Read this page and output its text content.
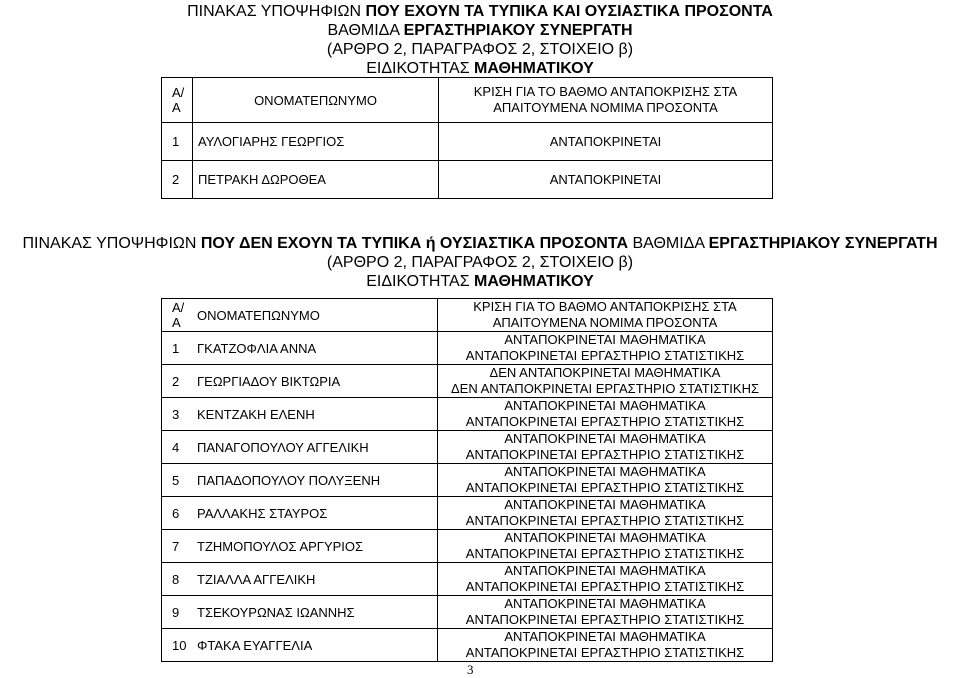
ΠΙΝΑΚΑΣ ΥΠΟΨΗΦΙΩΝ ΠΟΥ ΕΧΟΥΝ ΤΑ ΤΥΠΙΚΑ ΚΑΙ ΟΥΣΙΑΣΤΙΚΑ ΠΡΟΣΟΝΤΑ
ΒΑΘΜΙΔΑ ΕΡΓΑΣΤΗΡΙΑΚΟΥ ΣΥΝΕΡΓΑΤΗ
(ΑΡΘΡΟ 2, ΠΑΡΑΓΡΑΦΟΣ 2, ΣΤΟΙΧΕΙΟ β)
ΕΙΔΙΚΟΤΗΤΑΣ ΜΑΘΗΜΑΤΙΚΟΥ
Α/Α	ΟΝΟΜΑΤΕΠΩΝΥΜΟ	ΚΡΙΣΗ ΓΙΑ ΤΟ ΒΑΘΜΟ ΑΝΤΑΠΟΚΡΙΣΗΣ ΣΤΑ
ΑΠΑΙΤΟΥΜΕΝΑ ΝΟΜΙΜΑ ΠΡΟΣΟΝΤΑ
1	ΑΥΛΟΓΙΑΡΗΣ ΓΕΩΡΓΙΟΣ	ΑΝΤΑΠΟΚΡΙΝΕΤΑΙ
2	ΠΕΤΡΑΚΗ ΔΩΡΟΘΕΑ	ΑΝΤΑΠΟΚΡΙΝΕΤΑΙ
ΠΙΝΑΚΑΣ ΥΠΟΨΗΦΙΩΝ ΠΟΥ ΔΕΝ ΕΧΟΥΝ ΤΑ ΤΥΠΙΚΑ ή ΟΥΣΙΑΣΤΙΚΑ ΠΡΟΣΟΝΤΑ ΒΑΘΜΙΔΑ ΕΡΓΑΣΤΗΡΙΑΚΟΥ ΣΥΝΕΡΓΑΤΗ
(ΑΡΘΡΟ 2, ΠΑΡΑΓΡΑΦΟΣ 2, ΣΤΟΙΧΕΙΟ β)
ΕΙΔΙΚΟΤΗΤΑΣ ΜΑΘΗΜΑΤΙΚΟΥ
Α/Α	ΟΝΟΜΑΤΕΠΩΝΥΜΟ	ΚΡΙΣΗ ΓΙΑ ΤΟ ΒΑΘΜΟ ΑΝΤΑΠΟΚΡΙΣΗΣ ΣΤΑ
ΑΠΑΙΤΟΥΜΕΝΑ ΝΟΜΙΜΑ ΠΡΟΣΟΝΤΑ
1	ΓΚΑΤΖΟΦΛΙΑ ΑΝΝΑ	ΑΝΤΑΠΟΚΡΙΝΕΤΑΙ ΜΑΘΗΜΑΤΙΚΑ
ΑΝΤΑΠΟΚΡΙΝΕΤΑΙ ΕΡΓΑΣΤΗΡΙΟ ΣΤΑΤΙΣΤΙΚΗΣ
2	ΓΕΩΡΓΙΑΔΟΥ ΒΙΚΤΩΡΙΑ	ΔΕΝ ΑΝΤΑΠΟΚΡΙΝΕΤΑΙ ΜΑΘΗΜΑΤΙΚΑ
ΔΕΝ ΑΝΤΑΠΟΚΡΙΝΕΤΑΙ ΕΡΓΑΣΤΗΡΙΟ ΣΤΑΤΙΣΤΙΚΗΣ
3	ΚΕΝΤΖΑΚΗ ΕΛΕΝΗ	ΑΝΤΑΠΟΚΡΙΝΕΤΑΙ ΜΑΘΗΜΑΤΙΚΑ
ΑΝΤΑΠΟΚΡΙΝΕΤΑΙ ΕΡΓΑΣΤΗΡΙΟ ΣΤΑΤΙΣΤΙΚΗΣ
4	ΠΑΝΑΓΟΠΟΥΛΟΥ ΑΓΓΕΛΙΚΗ	ΑΝΤΑΠΟΚΡΙΝΕΤΑΙ ΜΑΘΗΜΑΤΙΚΑ
ΑΝΤΑΠΟΚΡΙΝΕΤΑΙ ΕΡΓΑΣΤΗΡΙΟ ΣΤΑΤΙΣΤΙΚΗΣ
5	ΠΑΠΑΔΟΠΟΥΛΟΥ ΠΟΛΥΞΕΝΗ	ΑΝΤΑΠΟΚΡΙΝΕΤΑΙ ΜΑΘΗΜΑΤΙΚΑ
ΑΝΤΑΠΟΚΡΙΝΕΤΑΙ ΕΡΓΑΣΤΗΡΙΟ ΣΤΑΤΙΣΤΙΚΗΣ
6	ΡΑΛΛΑΚΗΣ ΣΤΑΥΡΟΣ	ΑΝΤΑΠΟΚΡΙΝΕΤΑΙ ΜΑΘΗΜΑΤΙΚΑ
ΑΝΤΑΠΟΚΡΙΝΕΤΑΙ ΕΡΓΑΣΤΗΡΙΟ ΣΤΑΤΙΣΤΙΚΗΣ
7	ΤΖΗΜΟΠΟΥΛΟΣ ΑΡΓΥΡΙΟΣ	ΑΝΤΑΠΟΚΡΙΝΕΤΑΙ ΜΑΘΗΜΑΤΙΚΑ
ΑΝΤΑΠΟΚΡΙΝΕΤΑΙ ΕΡΓΑΣΤΗΡΙΟ ΣΤΑΤΙΣΤΙΚΗΣ
8	ΤΖΙΑΛΛΑ ΑΓΓΕΛΙΚΗ	ΑΝΤΑΠΟΚΡΙΝΕΤΑΙ ΜΑΘΗΜΑΤΙΚΑ
ΑΝΤΑΠΟΚΡΙΝΕΤΑΙ ΕΡΓΑΣΤΗΡΙΟ ΣΤΑΤΙΣΤΙΚΗΣ
9	ΤΣΕΚΟΥΡΩΝΑΣ ΙΩΑΝΝΗΣ	ΑΝΤΑΠΟΚΡΙΝΕΤΑΙ ΜΑΘΗΜΑΤΙΚΑ
ΑΝΤΑΠΟΚΡΙΝΕΤΑΙ ΕΡΓΑΣΤΗΡΙΟ ΣΤΑΤΙΣΤΙΚΗΣ
10	ΦΤΑΚΑ ΕΥΑΓΓΕΛΙΑ	ΑΝΤΑΠΟΚΡΙΝΕΤΑΙ ΜΑΘΗΜΑΤΙΚΑ
ΑΝΤΑΠΟΚΡΙΝΕΤΑΙ ΕΡΓΑΣΤΗΡΙΟ ΣΤΑΤΙΣΤΙΚΗΣ
3
